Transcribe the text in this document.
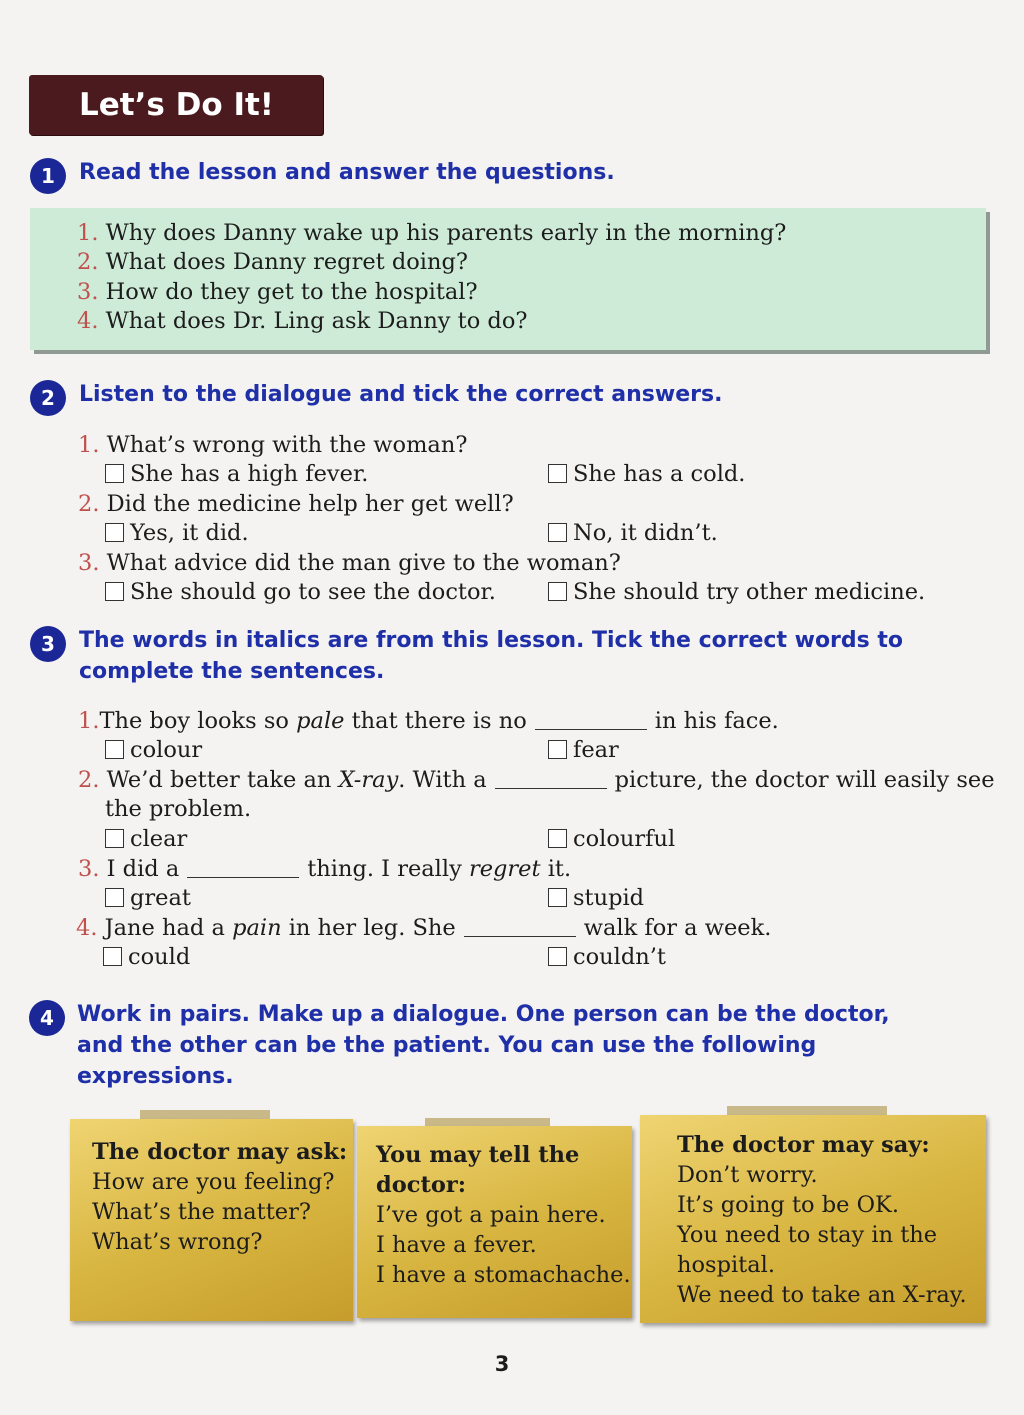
Let’s Do It!
1	Read the lesson and answer the questions.
1. Why does Danny wake up his parents early in the morning?
2. What does Danny regret doing?
3. How do they get to the hospital?
4. What does Dr. Ling ask Danny to do?
2	Listen to the dialogue and tick the correct answers.
1. What’s wrong with the woman?
She has a high fever.	She has a cold.
2. Did the medicine help her get well?
Yes, it did.	No, it didn’t.
3. What advice did the man give to the woman?
She should go to see the doctor.	She should try other medicine.
3	The words in italics are from this lesson. Tick the correct words to
complete the sentences.
1.The boy looks so pale that there is no	in his face.
colour	fear
2. We’d better take an X-ray. With a	picture, the doctor will easily see
the problem.
clear	colourful
3. I did a	thing. I really regret it.
great	stupid
4. Jane had a pain in her leg. She	walk for a week.
could	couldn’t
4	Work in pairs. Make up a dialogue. One person can be the doctor,
and the other can be the patient. You can use the following
expressions.
The doctor may ask:
How are you feeling?
What’s the matter?
What’s wrong?
You may tell the
doctor:
I’ve got a pain here.
I have a fever.
I have a stomachache.
The doctor may say:
Don’t worry.
It’s going to be OK.
You need to stay in the
hospital.
We need to take an X-ray.
3
